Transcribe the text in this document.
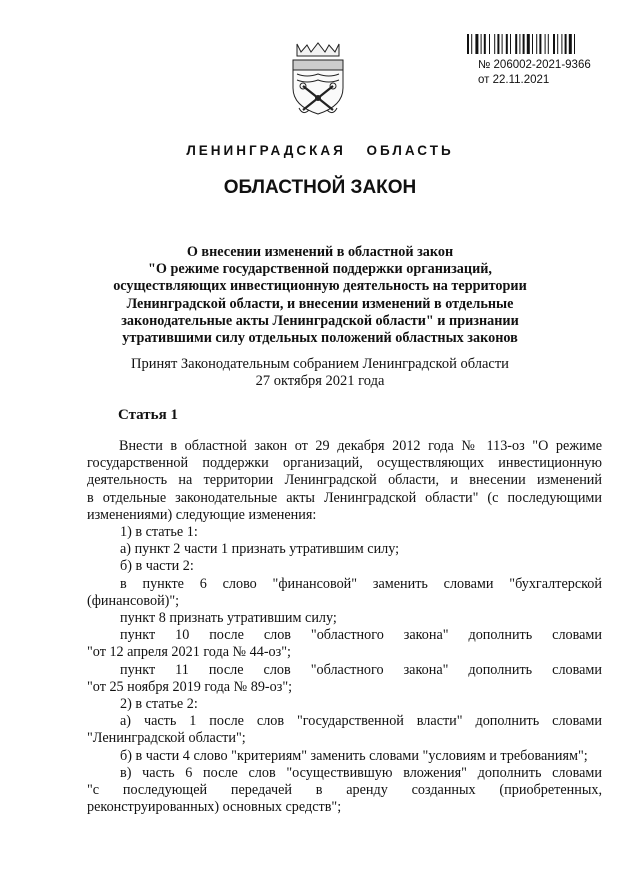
№ 206002-2021-9366
от 22.11.2021
ЛЕНИНГРАДСКАЯ ОБЛАСТЬ
ОБЛАСТНОЙ ЗАКОН
О внесении изменений в областной закон
"О режиме государственной поддержки организаций,
осуществляющих инвестиционную деятельность на территории
Ленинградской области, и внесении изменений в отдельные
законодательные акты Ленинградской области" и признании
утратившими силу отдельных положений областных законов
Принят Законодательным собранием Ленинградской области
27 октября 2021 года
Статья 1
Внести в областной закон от 29 декабря 2012 года № 113-оз "О режиме
государственной поддержки организаций, осуществляющих инвестиционную
деятельность на территории Ленинградской области, и внесении изменений
в отдельные законодательные акты Ленинградской области" (с последующими
изменениями) следующие изменения:
1) в статье 1:
а) пункт 2 части 1 признать утратившим силу;
б) в части 2:
в пункте 6 слово "финансовой" заменить словами "бухгалтерской
(финансовой)";
пункт 8 признать утратившим силу;
пункт 10 после слов "областного закона" дополнить словами
"от 12 апреля 2021 года № 44-оз";
пункт 11 после слов "областного закона" дополнить словами
"от 25 ноября 2019 года № 89-оз";
2) в статье 2:
а) часть 1 после слов "государственной власти" дополнить словами
"Ленинградской области";
б) в части 4 слово "критериям" заменить словами "условиям и требованиям";
в) часть 6 после слов "осуществившую вложения" дополнить словами
"с последующей передачей в аренду созданных (приобретенных,
реконструированных) основных средств";
